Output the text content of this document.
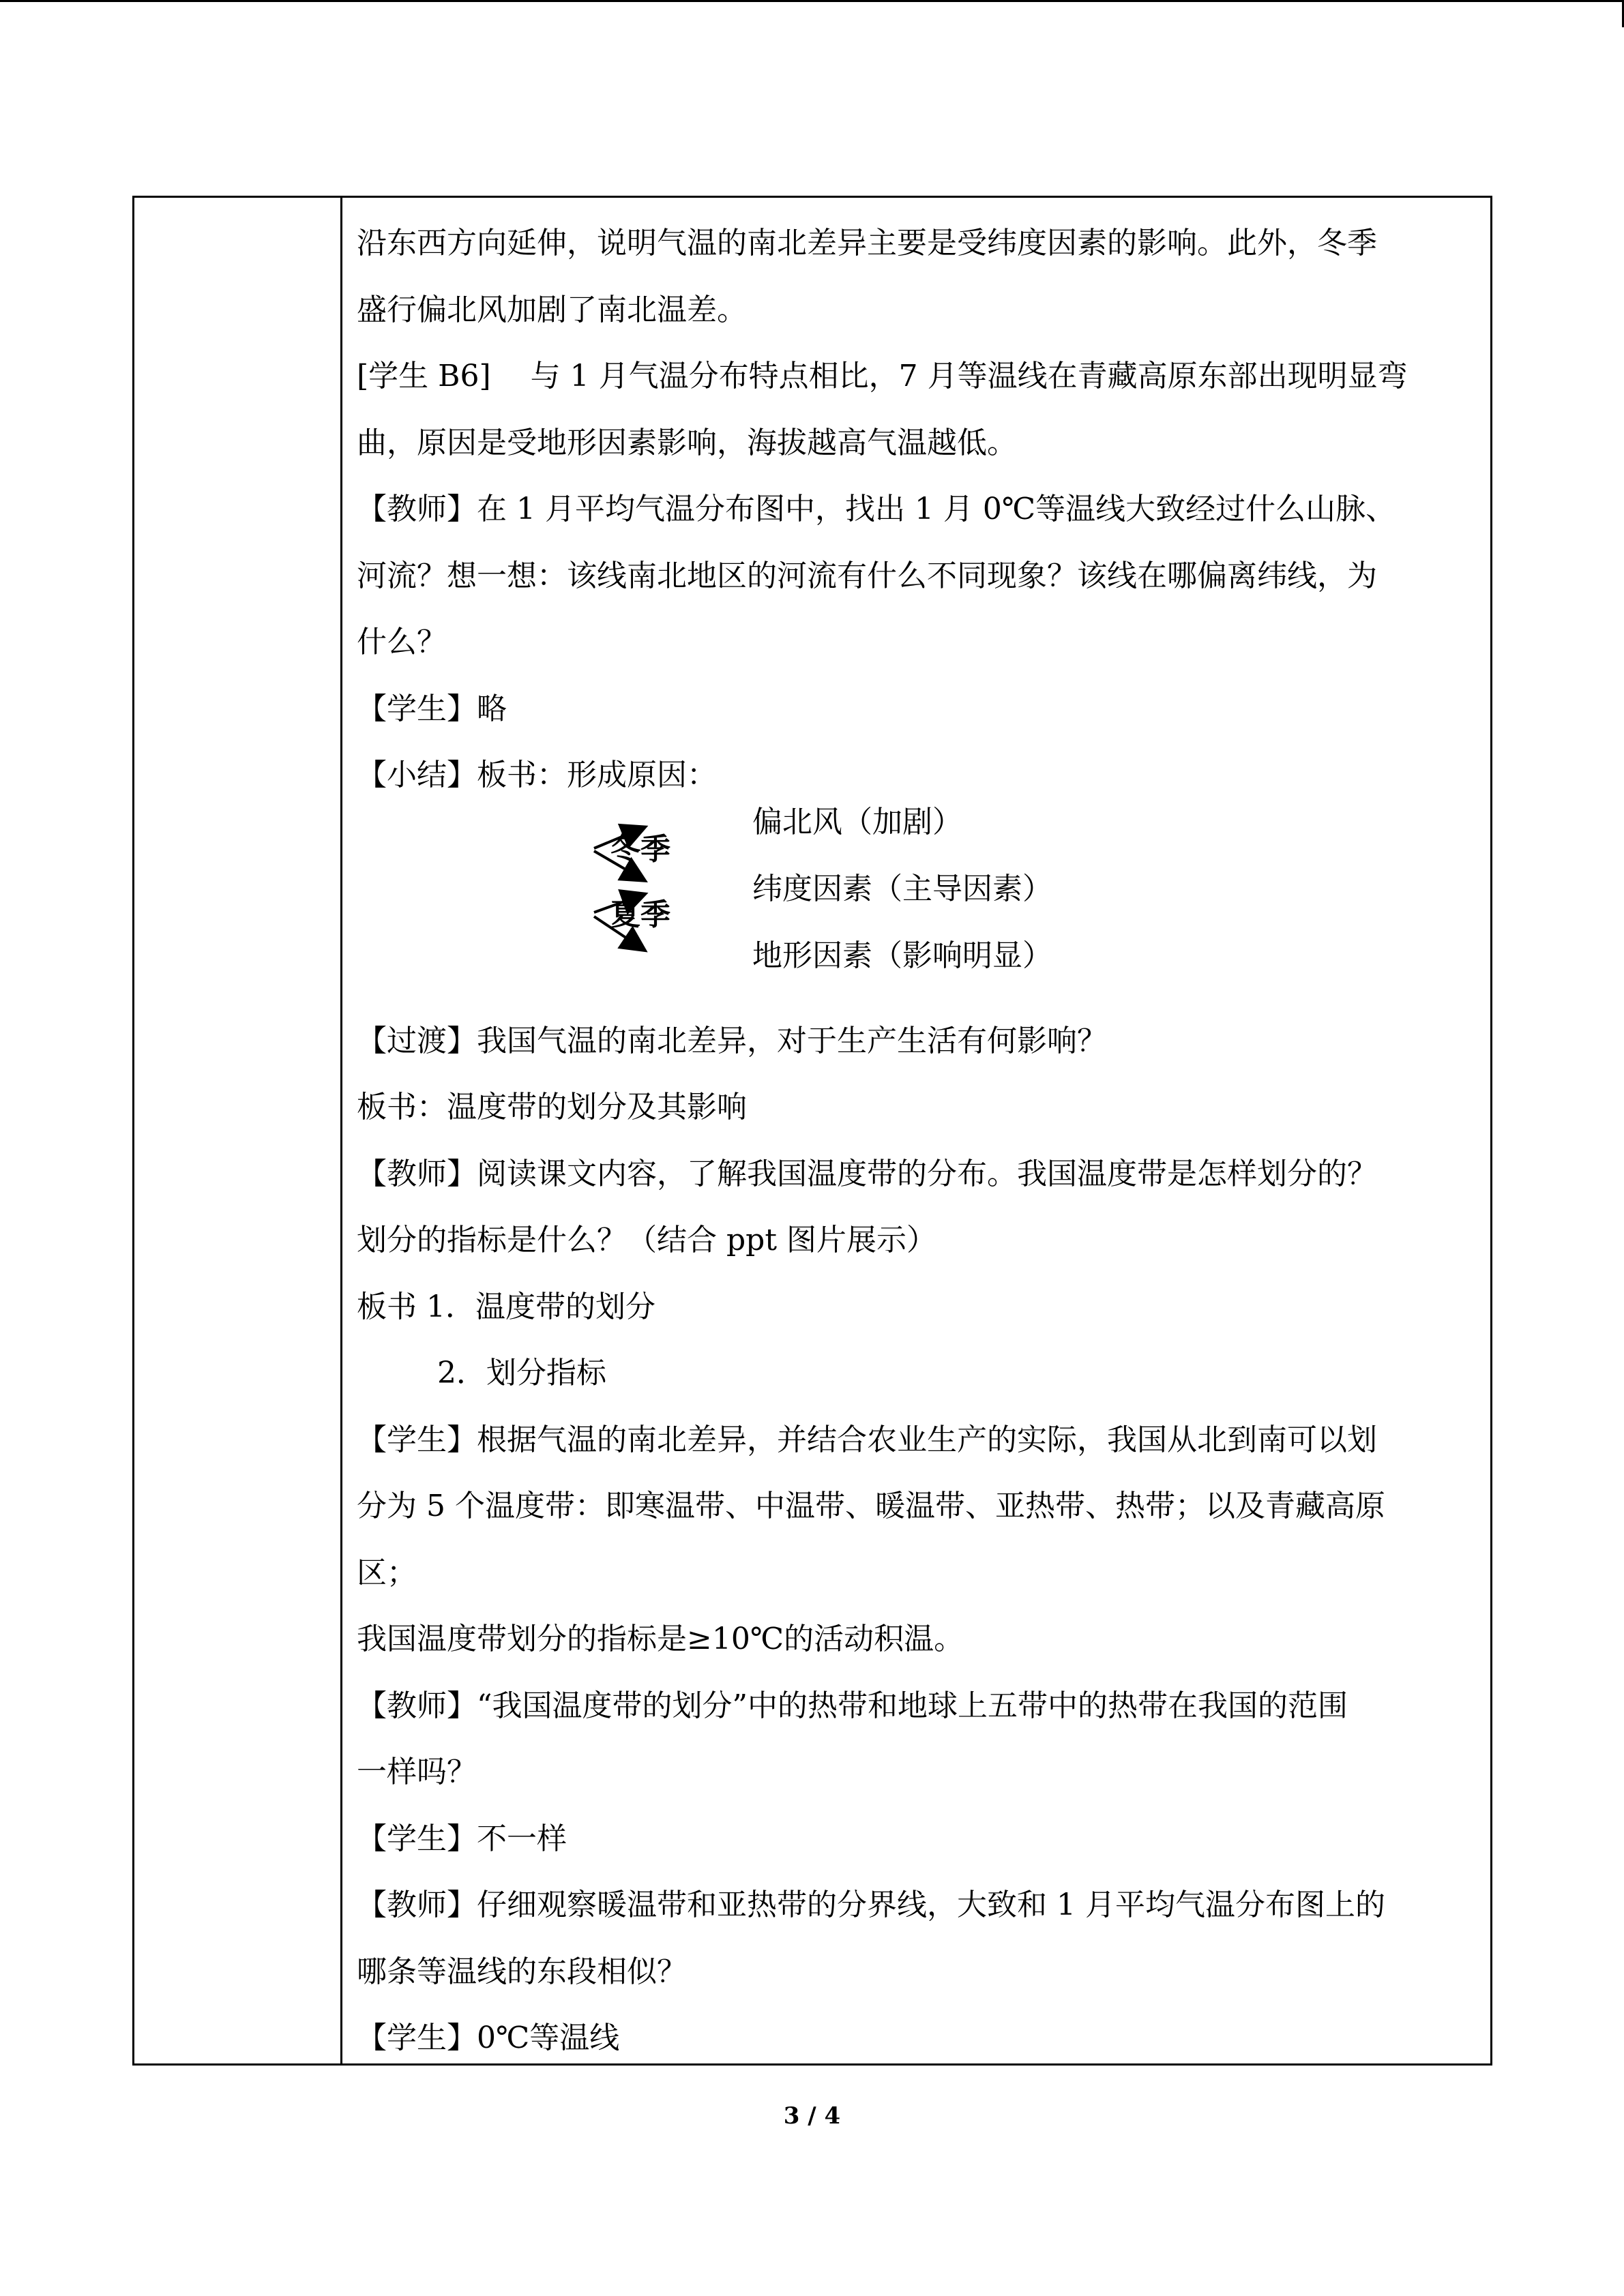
沿东西方向延伸，说明气温的南北差异主要是受纬度因素的影响。此外，冬季
盛行偏北风加剧了南北温差。
[学生 B6]　 与 1 月气温分布特点相比，7 月等温线在青藏高原东部出现明显弯
曲，原因是受地形因素影响，海拔越高气温越低。
【教师】在 1 月平均气温分布图中，找出 1 月 0℃等温线大致经过什么山脉、
河流？想一想：该线南北地区的河流有什么不同现象？该线在哪偏离纬线，为
什么？
【学生】略
【小结】板书：形成原因：
冬季
夏季
偏北风（加剧）
纬度因素（主导因素）
地形因素（影响明显）
【过渡】我国气温的南北差异，对于生产生活有何影响？
板书：温度带的划分及其影响
【教师】阅读课文内容，了解我国温度带的分布。我国温度带是怎样划分的？
划分的指标是什么？（结合 ppt 图片展示）
板书 1．温度带的划分
2．划分指标
【学生】根据气温的南北差异，并结合农业生产的实际，我国从北到南可以划
分为 5 个温度带：即寒温带、中温带、暖温带、亚热带、热带；以及青藏高原
区；
我国温度带划分的指标是≥10℃的活动积温。
【教师】“我国温度带的划分”中的热带和地球上五带中的热带在我国的范围
一样吗？
【学生】不一样
【教师】仔细观察暖温带和亚热带的分界线，大致和 1 月平均气温分布图上的
哪条等温线的东段相似？
【学生】0℃等温线
3 / 4
